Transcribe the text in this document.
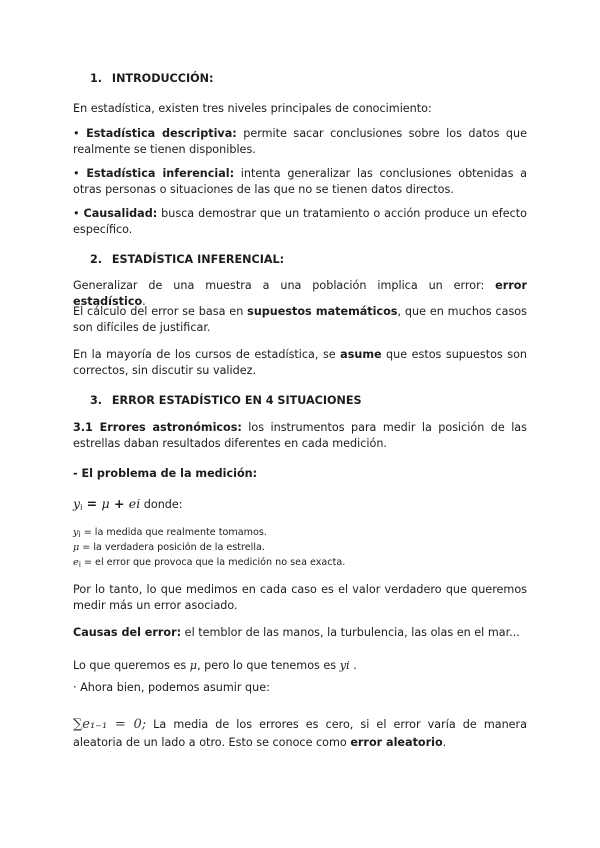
1. INTRODUCCIÓN:
En estadística, existen tres niveles principales de conocimiento:
• Estadística descriptiva: permite sacar conclusiones sobre los datos que realmente se tienen disponibles.
• Estadística inferencial: intenta generalizar las conclusiones obtenidas a otras personas o situaciones de las que no se tienen datos directos.
• Causalidad: busca demostrar que un tratamiento o acción produce un efecto específico.
2. ESTADÍSTICA INFERENCIAL:
Generalizar de una muestra a una población implica un error: error estadístico.
El cálculo del error se basa en supuestos matemáticos, que en muchos casos son difíciles de justificar.
En la mayoría de los cursos de estadística, se asume que estos supuestos son correctos, sin discutir su validez.
3. ERROR ESTADÍSTICO EN 4 SITUACIONES
3.1 Errores astronómicos: los instrumentos para medir la posición de las estrellas daban resultados diferentes en cada medición.
- El problema de la medición:
$y_i = \mu$ + ei donde:
$y_i$ = la medida que realmente tomamos.
μ = la verdadera posición de la estrella.
$e_i$ = el error que provoca que la medición no sea exacta.
Por lo tanto, lo que medimos en cada caso es el valor verdadero que queremos medir más un error asociado.
Causas del error: el temblor de las manos, la turbulencia, las olas en el mar...
Lo que queremos es μ, pero lo que tenemos es yi .
· Ahora bien, podemos asumir que:
∑e₁₋₁ = 0; La media de los errores es cero, si el error varía de manera aleatoria de un lado a otro. Esto se conoce como error aleatorio.
